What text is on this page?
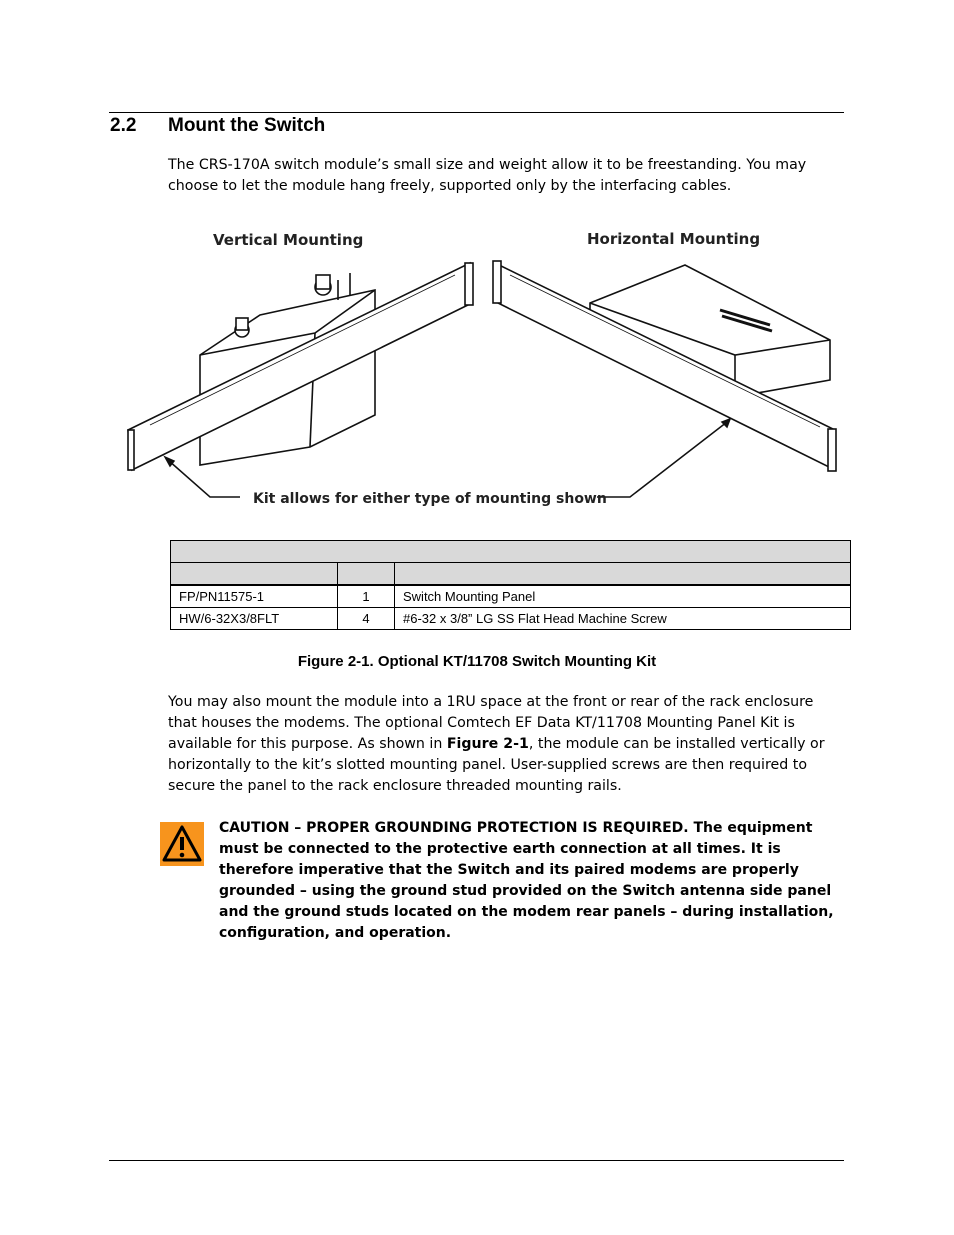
2.2 Mount the Switch
The CRS-170A switch module’s small size and weight allow it to be freestanding. You may choose to let the module hang freely, supported only by the interfacing cables.
Vertical Mounting	Horizontal Mounting
Kit allows for either type of mounting shown

FP/PN11575-1	1	Switch Mounting Panel
HW/6-32X3/8FLT	4	#6-32 x 3/8” LG SS Flat Head Machine Screw
Figure 2-1. Optional KT/11708 Switch Mounting Kit
You may also mount the module into a 1RU space at the front or rear of the rack enclosure that houses the modems. The optional Comtech EF Data KT/11708 Mounting Panel Kit is available for this purpose. As shown in Figure 2-1, the module can be installed vertically or horizontally to the kit’s slotted mounting panel. User-supplied screws are then required to secure the panel to the rack enclosure threaded mounting rails.
CAUTION – PROPER GROUNDING PROTECTION IS REQUIRED. The equipment must be connected to the protective earth connection at all times. It is therefore imperative that the Switch and its paired modems are properly grounded – using the ground stud provided on the Switch antenna side panel and the ground studs located on the modem rear panels – during installation, configuration, and operation.
